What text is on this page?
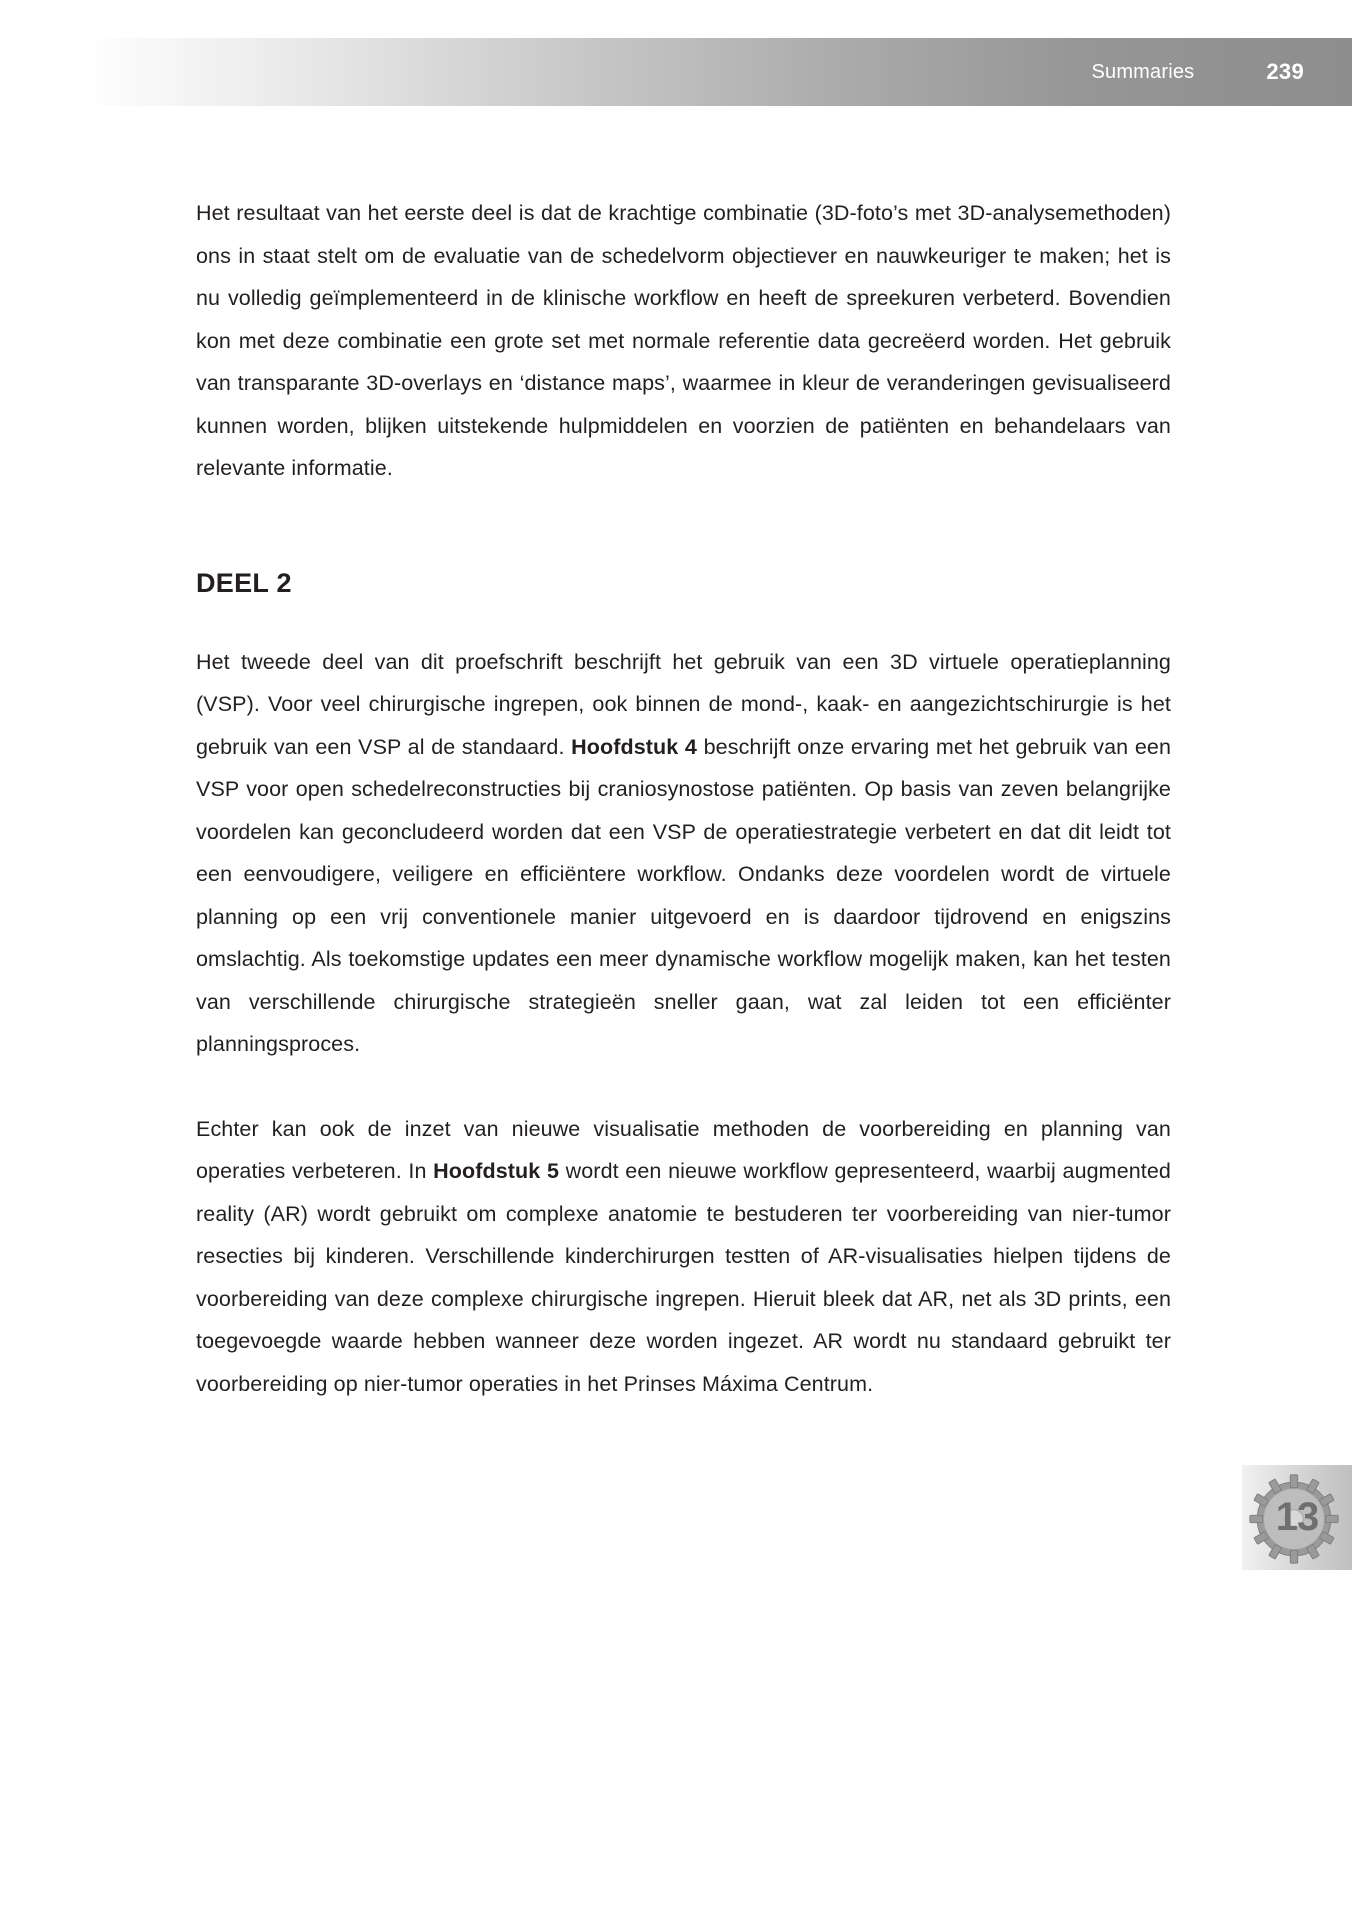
Summaries	239

Het resultaat van het eerste deel is dat de krachtige combinatie (3D-foto’s met 3D-analysemethoden) ons in staat stelt om de evaluatie van de schedelvorm objectiever en nauwkeuriger te maken; het is nu volledig geïmplementeerd in de klinische workflow en heeft de spreekuren verbeterd. Bovendien kon met deze combinatie een grote set met normale referentie data gecreëerd worden. Het gebruik van transparante 3D-overlays en ‘distance maps’, waarmee in kleur de veranderingen gevisualiseerd kunnen worden, blijken uitstekende hulpmiddelen en voorzien de patiënten en behandelaars van relevante informatie.

DEEL 2

Het tweede deel van dit proefschrift beschrijft het gebruik van een 3D virtuele operatieplanning (VSP). Voor veel chirurgische ingrepen, ook binnen de mond-, kaak- en aangezichtschirurgie is het gebruik van een VSP al de standaard. Hoofdstuk 4 beschrijft onze ervaring met het gebruik van een VSP voor open schedelreconstructies bij craniosynostose patiënten. Op basis van zeven belangrijke voordelen kan geconcludeerd worden dat een VSP de operatiestrategie verbetert en dat dit leidt tot een eenvoudigere, veiligere en efficiëntere workflow. Ondanks deze voordelen wordt de virtuele planning op een vrij conventionele manier uitgevoerd en is daardoor tijdrovend en enigszins omslachtig. Als toekomstige updates een meer dynamische workflow mogelijk maken, kan het testen van verschillende chirurgische strategieën sneller gaan, wat zal leiden tot een efficiënter planningsproces.

Echter kan ook de inzet van nieuwe visualisatie methoden de voorbereiding en planning van operaties verbeteren. In Hoofdstuk 5 wordt een nieuwe workflow gepresenteerd, waarbij augmented reality (AR) wordt gebruikt om complexe anatomie te bestuderen ter voorbereiding van nier-tumor resecties bij kinderen. Verschillende kinderchirurgen testten of AR-visualisaties hielpen tijdens de voorbereiding van deze complexe chirurgische ingrepen. Hieruit bleek dat AR, net als 3D prints, een toegevoegde waarde hebben wanneer deze worden ingezet. AR wordt nu standaard gebruikt ter voorbereiding op nier-tumor operaties in het Prinses Máxima Centrum.

13
